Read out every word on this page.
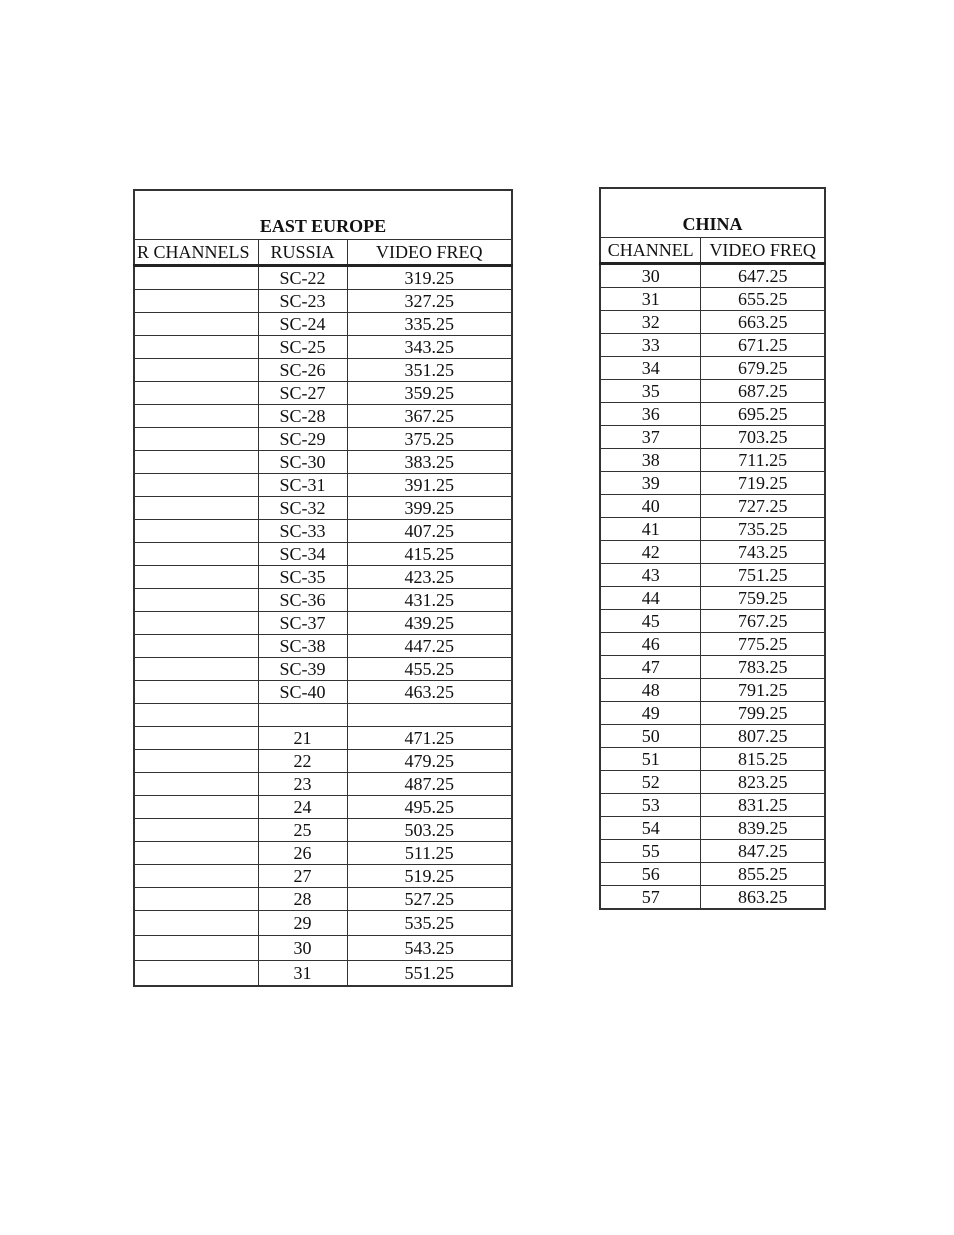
EAST EUROPE		
R CHANNELS	RUSSIA	VIDEO FREQ
	SC-22	319.25
	SC-23	327.25
	SC-24	335.25
	SC-25	343.25
	SC-26	351.25
	SC-27	359.25
	SC-28	367.25
	SC-29	375.25
	SC-30	383.25
	SC-31	391.25
	SC-32	399.25
	SC-33	407.25
	SC-34	415.25
	SC-35	423.25
	SC-36	431.25
	SC-37	439.25
	SC-38	447.25
	SC-39	455.25
	SC-40	463.25

	21	471.25
	22	479.25
	23	487.25
	24	495.25
	25	503.25
	26	511.25
	27	519.25
	28	527.25
	29	535.25
	30	543.25
	31	551.25
CHINA	
CHANNEL	VIDEO FREQ
30	647.25
31	655.25
32	663.25
33	671.25
34	679.25
35	687.25
36	695.25
37	703.25
38	711.25
39	719.25
40	727.25
41	735.25
42	743.25
43	751.25
44	759.25
45	767.25
46	775.25
47	783.25
48	791.25
49	799.25
50	807.25
51	815.25
52	823.25
53	831.25
54	839.25
55	847.25
56	855.25
57	863.25
